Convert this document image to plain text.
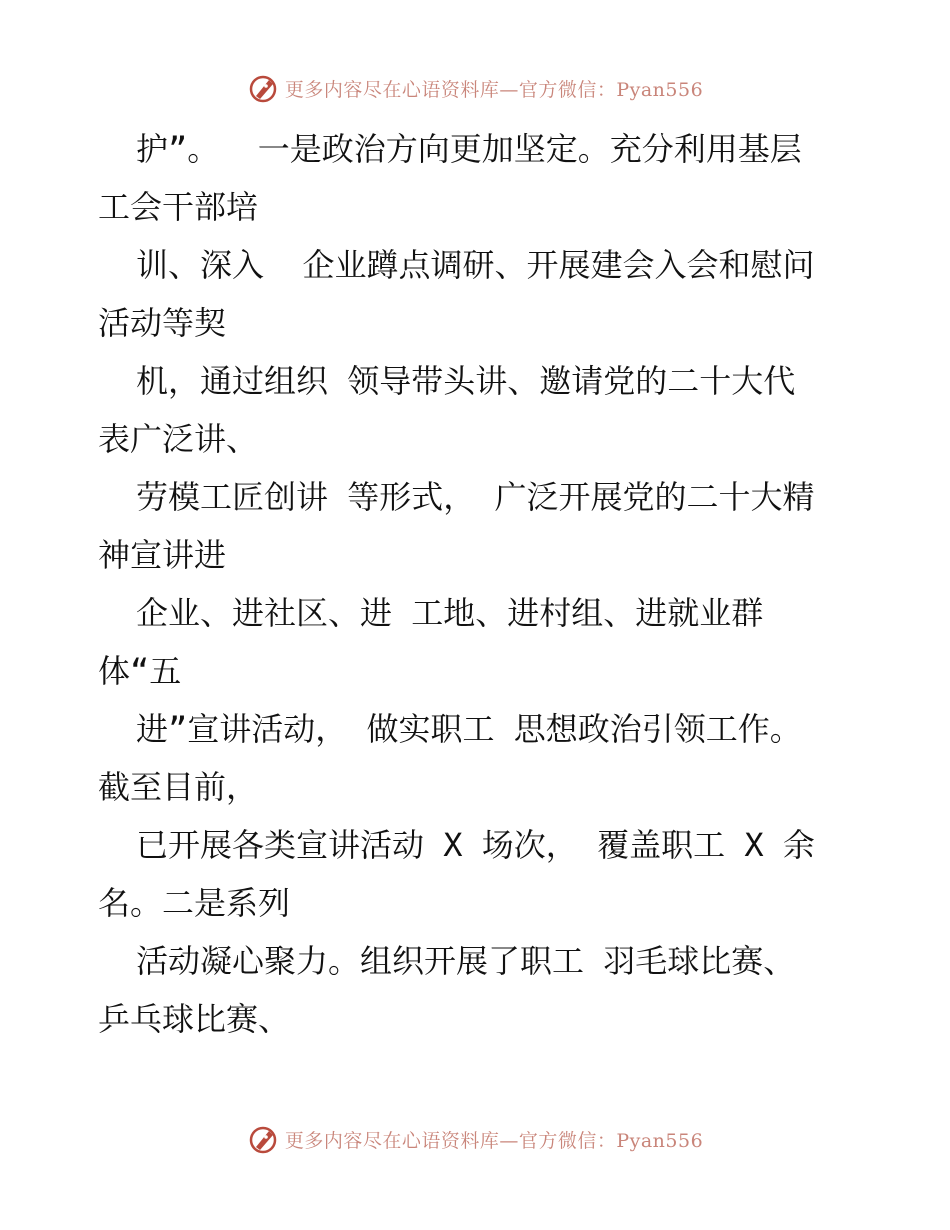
更多内容尽在心语资料库—官方微信：Pyan556
护”。  一是政治方向更加坚定。充分利用基层
工会干部培
训、深入  企业蹲点调研、开展建会入会和慰问
活动等契
机，通过组织 领导带头讲、邀请党的二十大代
表广泛讲、
劳模工匠创讲 等形式， 广泛开展党的二十大精
神宣讲进
企业、进社区、进 工地、进村组、进就业群
体“五
进”宣讲活动， 做实职工 思想政治引领工作。
截至目前，
已开展各类宣讲活动 X 场次， 覆盖职工 X 余
名。二是系列
活动凝心聚力。组织开展了职工 羽毛球比赛、
乒乓球比赛、
更多内容尽在心语资料库—官方微信：Pyan556
